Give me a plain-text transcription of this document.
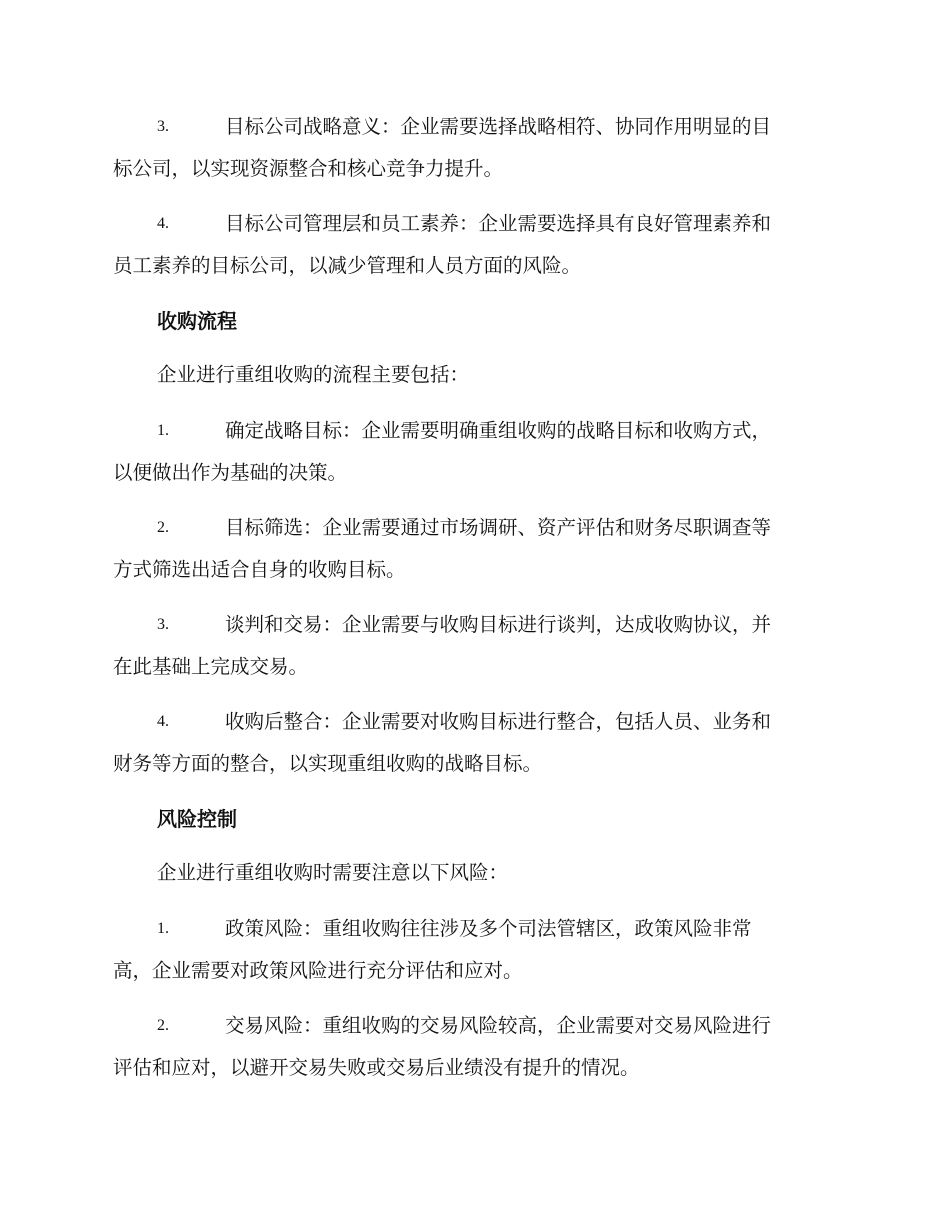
3.	目标公司战略意义：企业需要选择战略相符、协同作用明显的目
标公司，以实现资源整合和核心竞争力提升。
4.	目标公司管理层和员工素养：企业需要选择具有良好管理素养和
员工素养的目标公司，以减少管理和人员方面的风险。
收购流程
企业进行重组收购的流程主要包括：
1.	确定战略目标：企业需要明确重组收购的战略目标和收购方式，
以便做出作为基础的决策。
2.	目标筛选：企业需要通过市场调研、资产评估和财务尽职调查等
方式筛选出适合自身的收购目标。
3.	谈判和交易：企业需要与收购目标进行谈判，达成收购协议，并
在此基础上完成交易。
4.	收购后整合：企业需要对收购目标进行整合，包括人员、业务和
财务等方面的整合，以实现重组收购的战略目标。
风险控制
企业进行重组收购时需要注意以下风险：
1.	政策风险：重组收购往往涉及多个司法管辖区，政策风险非常
高，企业需要对政策风险进行充分评估和应对。
2.	交易风险：重组收购的交易风险较高，企业需要对交易风险进行
评估和应对，以避开交易失败或交易后业绩没有提升的情况。
